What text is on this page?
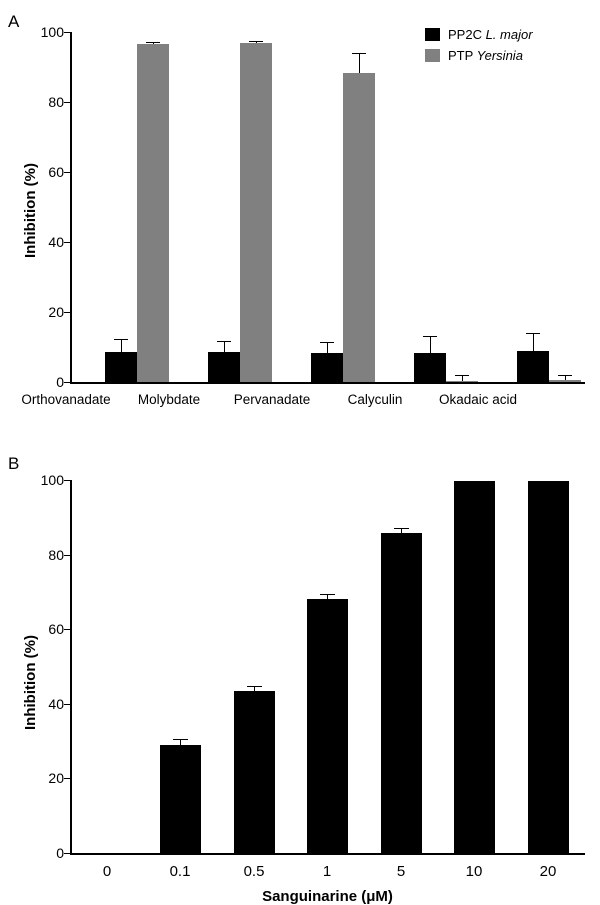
A
Inhibition (%)
0
20
40
60
80
100
Orthovanadate	Molybdate	Pervanadate	Calyculin	Okadaic acid
PP2C L. major
PTP Yersinia
B
Inhibition (%)
0
20
40
60
80
100
0	0.1	0.5	1	5	10	20
Sanguinarine (μM)
